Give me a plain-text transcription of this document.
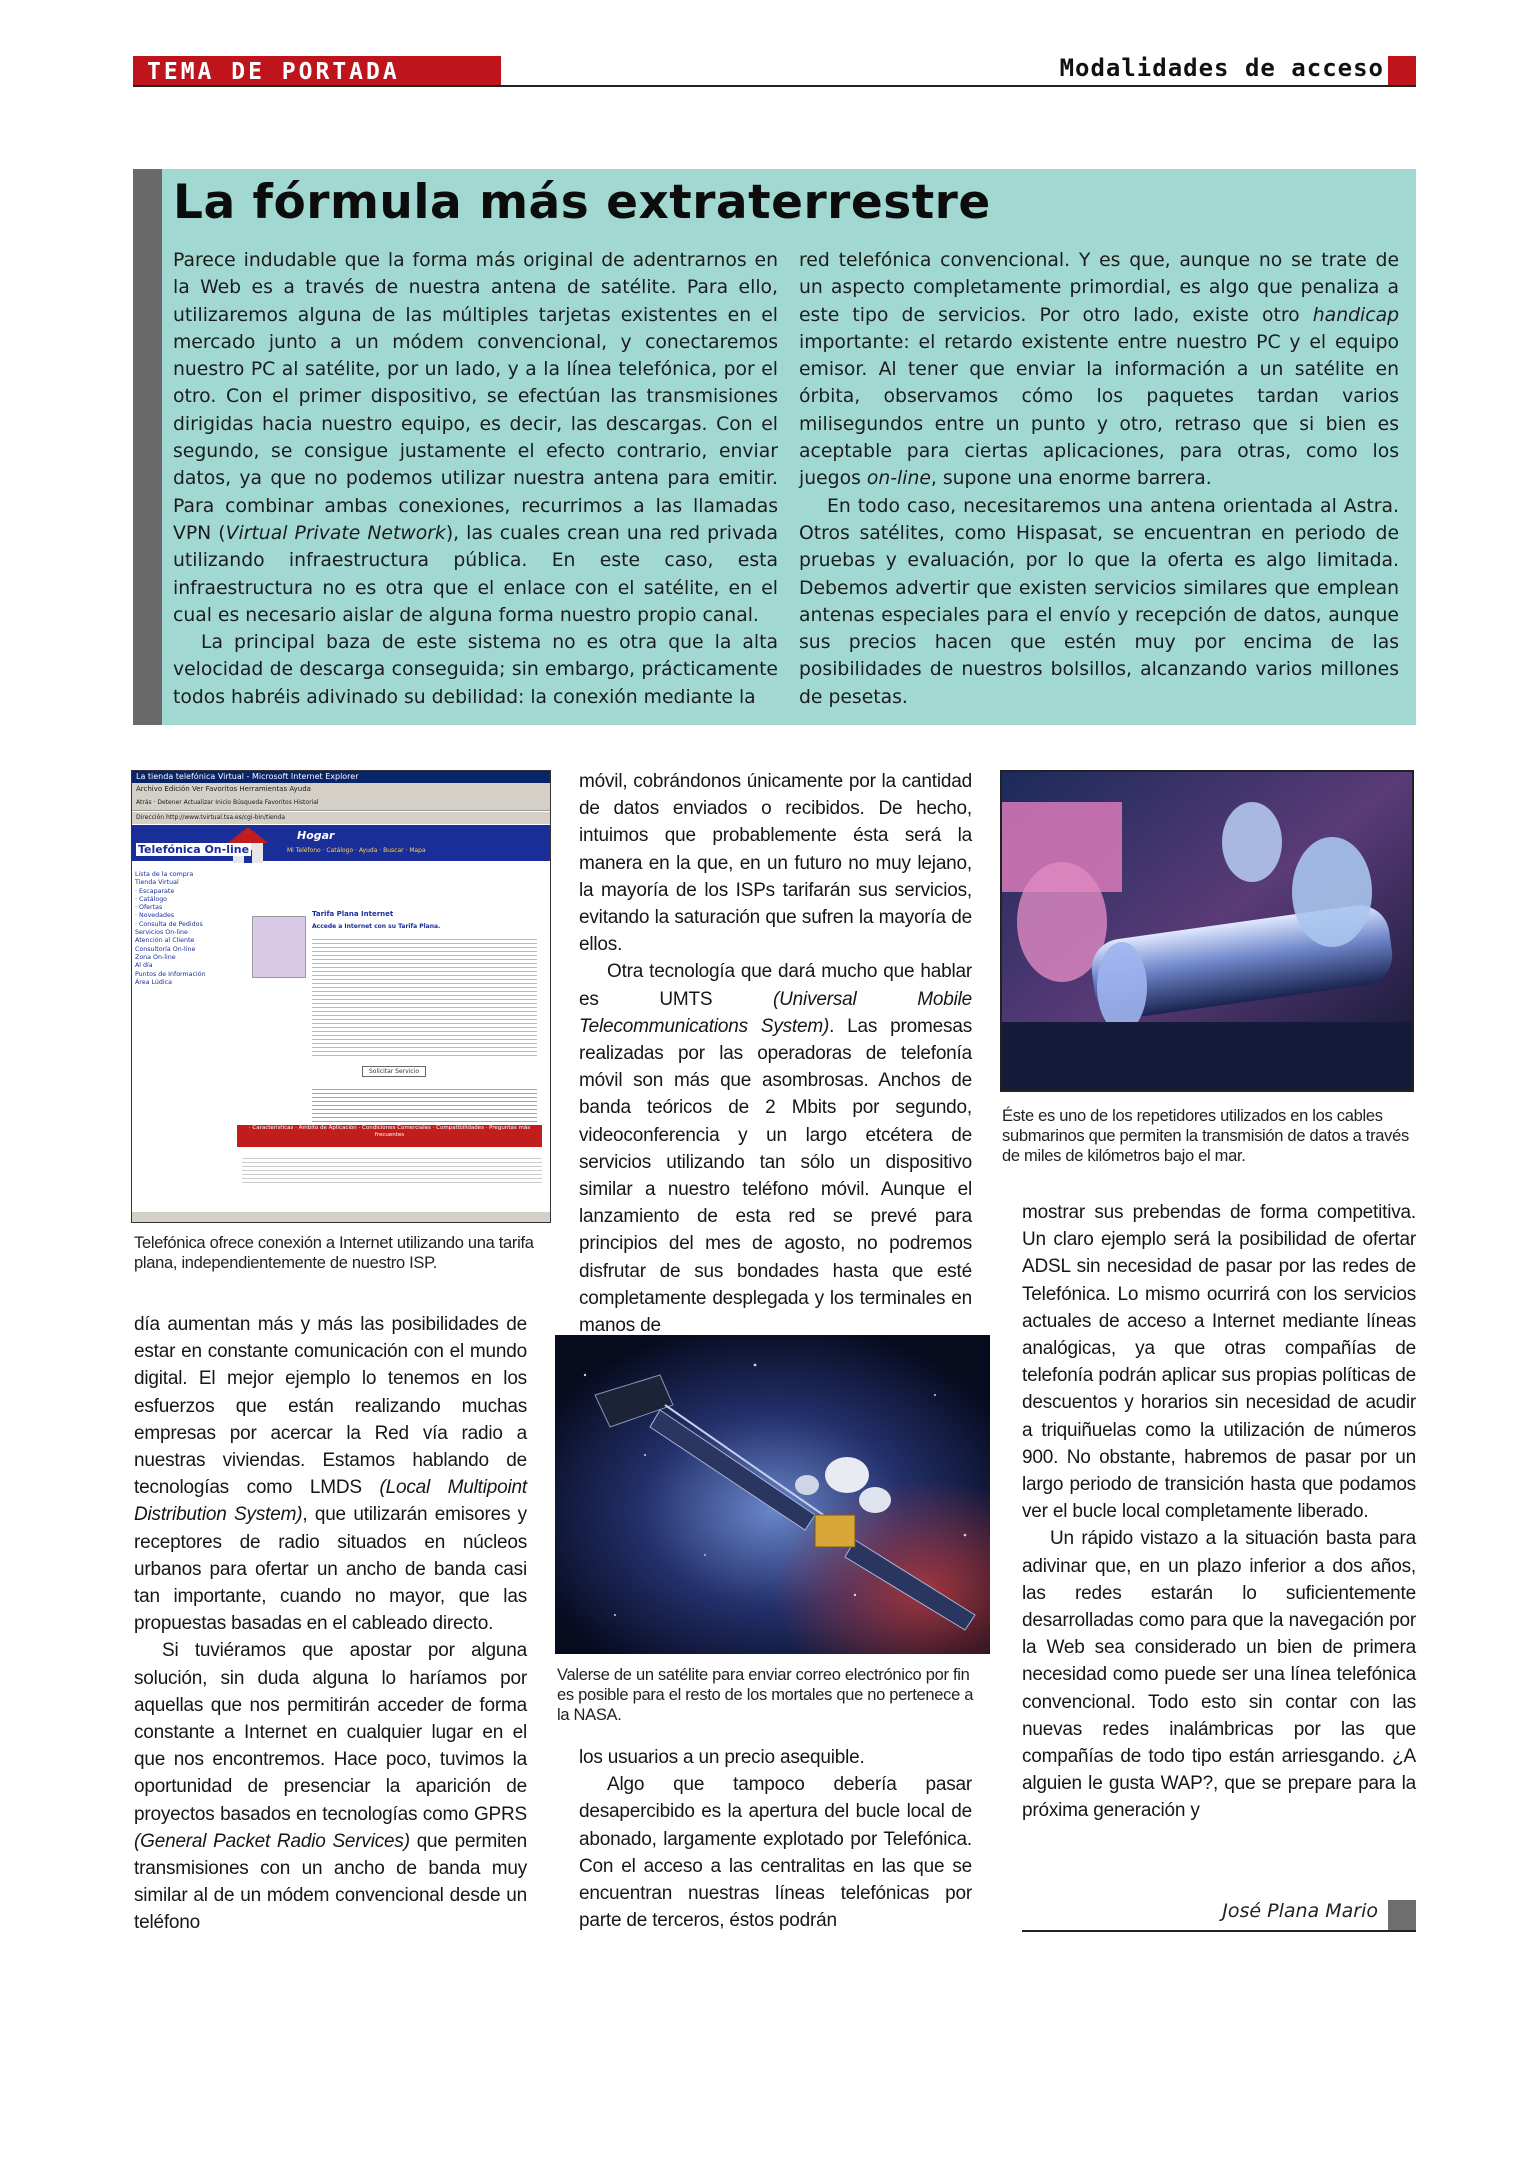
TEMA DE PORTADA	Modalidades de acceso
La fórmula más extraterrestre

Parece indudable que la forma más original de adentrarnos en la Web es a través de nuestra antena de satélite. Para ello, utilizaremos alguna de las múltiples tarjetas existentes en el mercado junto a un módem convencional, y conectaremos nuestro PC al satélite, por un lado, y a la línea telefónica, por el otro. Con el primer dispositivo, se efectúan las transmisiones dirigidas hacia nuestro equipo, es decir, las descargas. Con el segundo, se consigue justamente el efecto contrario, enviar datos, ya que no podemos utilizar nuestra antena para emitir. Para combinar ambas conexiones, recurrimos a las llamadas VPN (Virtual Private Network), las cuales crean una red privada utilizando infraestructura pública. En este caso, esta infraestructura no es otra que el enlace con el satélite, en el cual es necesario aislar de alguna forma nuestro propio canal.

La principal baza de este sistema no es otra que la alta velocidad de descarga conseguida; sin embargo, prácticamente todos habréis adivinado su debilidad: la conexión mediante la

red telefónica convencional. Y es que, aunque no se trate de un aspecto completamente primordial, es algo que penaliza a este tipo de servicios. Por otro lado, existe otro handicap importante: el retardo existente entre nuestro PC y el equipo emisor. Al tener que enviar la información a un satélite en órbita, observamos cómo los paquetes tardan varios milisegundos entre un punto y otro, retraso que si bien es aceptable para ciertas aplicaciones, para otras, como los juegos on-line, supone una enorme barrera.

En todo caso, necesitaremos una antena orientada al Astra. Otros satélites, como Hispasat, se encuentran en periodo de pruebas y evaluación, por lo que la oferta es algo limitada. Debemos advertir que existen servicios similares que emplean antenas especiales para el envío y recepción de datos, aunque sus precios hacen que estén muy por encima de las posibilidades de nuestros bolsillos, alcanzando varios millones de pesetas.

La tienda telefónica Virtual - Microsoft Internet Explorer
Archivo Edición Ver Favoritos Herramientas Ayuda
Atrás · Detener Actualizar Inicio Búsqueda Favoritos Historial
Dirección http://www.tvirtual.tsa.es/cgi-bin/tienda
Hogar
Mi Teléfono · Catálogo · Ayuda · Buscar · Mapa
Telefónica On-line
Lista de la compra
Tienda Virtual
· Escaparate
· Catálogo
· Ofertas
· Novedades
· Consulta de Pedidos
Servicios On-line
Atención al Cliente
Consultoría On-line
Zona On-line
Al día
Puntos de Información
Área Lúdica
Tarifa Plana Internet
Accede a Internet con su Tarifa Plana.
Solicitar Servicio
· Características · Ámbito de Aplicación · Condiciones Comerciales · Compatibilidades · Preguntas más frecuentes
Telefónica ofrece conexión a Internet utilizando una tarifa plana, independientemente de nuestro ISP.
Éste es uno de los repetidores utilizados en los cables submarinos que permiten la transmisión de datos a través de miles de kilómetros bajo el mar.
Valerse de un satélite para enviar correo electrónico por fin es posible para el resto de los mortales que no pertenece a la NASA.

día aumentan más y más las posibilidades de estar en constante comunicación con el mundo digital. El mejor ejemplo lo tenemos en los esfuerzos que están realizando muchas empresas por acercar la Red vía radio a nuestras viviendas. Estamos hablando de tecnologías como LMDS (Local Multipoint Distribution System), que utilizarán emisores y receptores de radio situados en núcleos urbanos para ofertar un ancho de banda casi tan importante, cuando no mayor, que las propuestas basadas en el cableado directo.

Si tuviéramos que apostar por alguna solución, sin duda alguna lo haríamos por aquellas que nos permitirán acceder de forma constante a Internet en cualquier lugar en el que nos encontremos. Hace poco, tuvimos la oportunidad de presenciar la aparición de proyectos basados en tecnologías como GPRS (General Packet Radio Services) que permiten transmisiones con un ancho de banda muy similar al de un módem convencional desde un teléfono

móvil, cobrándonos únicamente por la cantidad de datos enviados o recibidos. De hecho, intuimos que probablemente ésta será la manera en la que, en un futuro no muy lejano, la mayoría de los ISPs tarifarán sus servicios, evitando la saturación que sufren la mayoría de ellos.

Otra tecnología que dará mucho que hablar es UMTS (Universal Mobile Telecommunications System). Las promesas realizadas por las operadoras de telefonía móvil son más que asombrosas. Anchos de banda teóricos de 2 Mbits por segundo, videoconferencia y un largo etcétera de servicios utilizando tan sólo un dispositivo similar a nuestro teléfono móvil. Aunque el lanzamiento de esta red se prevé para principios del mes de agosto, no podremos disfrutar de sus bondades hasta que esté completamente desplegada y los terminales en manos de

los usuarios a un precio asequible.

Algo que tampoco debería pasar desapercibido es la apertura del bucle local de abonado, largamente explotado por Telefónica. Con el acceso a las centralitas en las que se encuentran nuestras líneas telefónicas por parte de terceros, éstos podrán

mostrar sus prebendas de forma competitiva. Un claro ejemplo será la posibilidad de ofertar ADSL sin necesidad de pasar por las redes de Telefónica. Lo mismo ocurrirá con los servicios actuales de acceso a Internet mediante líneas analógicas, ya que otras compañías de telefonía podrán aplicar sus propias políticas de descuentos y horarios sin necesidad de acudir a triquiñuelas como la utilización de números 900. No obstante, habremos de pasar por un largo periodo de transición hasta que podamos ver el bucle local completamente liberado.

Un rápido vistazo a la situación basta para adivinar que, en un plazo inferior a dos años, las redes estarán lo suficientemente desarrolladas como para que la navegación por la Web sea considerado un bien de primera necesidad como puede ser una línea telefónica convencional. Todo esto sin contar con las nuevas redes inalámbricas por las que compañías de todo tipo están arriesgando. ¿A alguien le gusta WAP?, que se prepare para la próxima generación y

José Plana Mario
